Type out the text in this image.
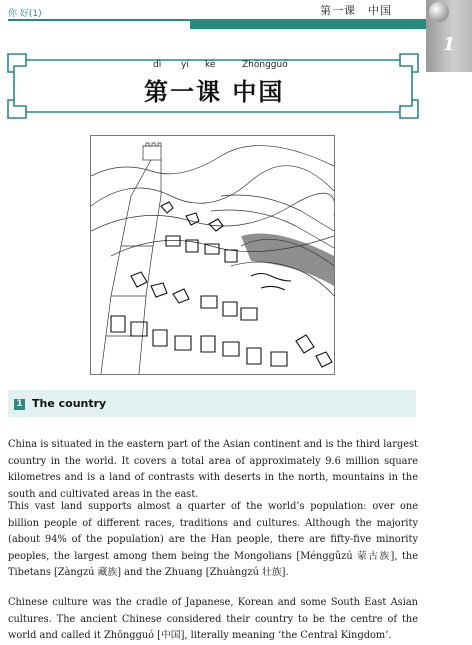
你 好(1)	第一课　中国
1
dì yī kè	Zhōngguó
第一课 中国
1 The country

China is situated in the eastern part of the Asian continent and is the third largest country in the world. It covers a total area of approximately 9.6 million square kilometres and is a land of contrasts with deserts in the north, mountains in the south and cultivated areas in the east.

This vast land supports almost a quarter of the world’s population: over one billion people of different races, traditions and cultures. Although the majority (about 94% of the population) are the Han people, there are fifty-five minority peoples, the largest among them being the Mongolians [Ménggǔzú 蒙古族], the Tibetans [Zàngzú 藏族] and the Zhuang [Zhuàngzú 壮族].

Chinese culture was the cradle of Japanese, Korean and some South East Asian cultures. The ancient Chinese considered their country to be the centre of the world and called it Zhōngguó [中国], literally meaning ‘the Central Kingdom’.
